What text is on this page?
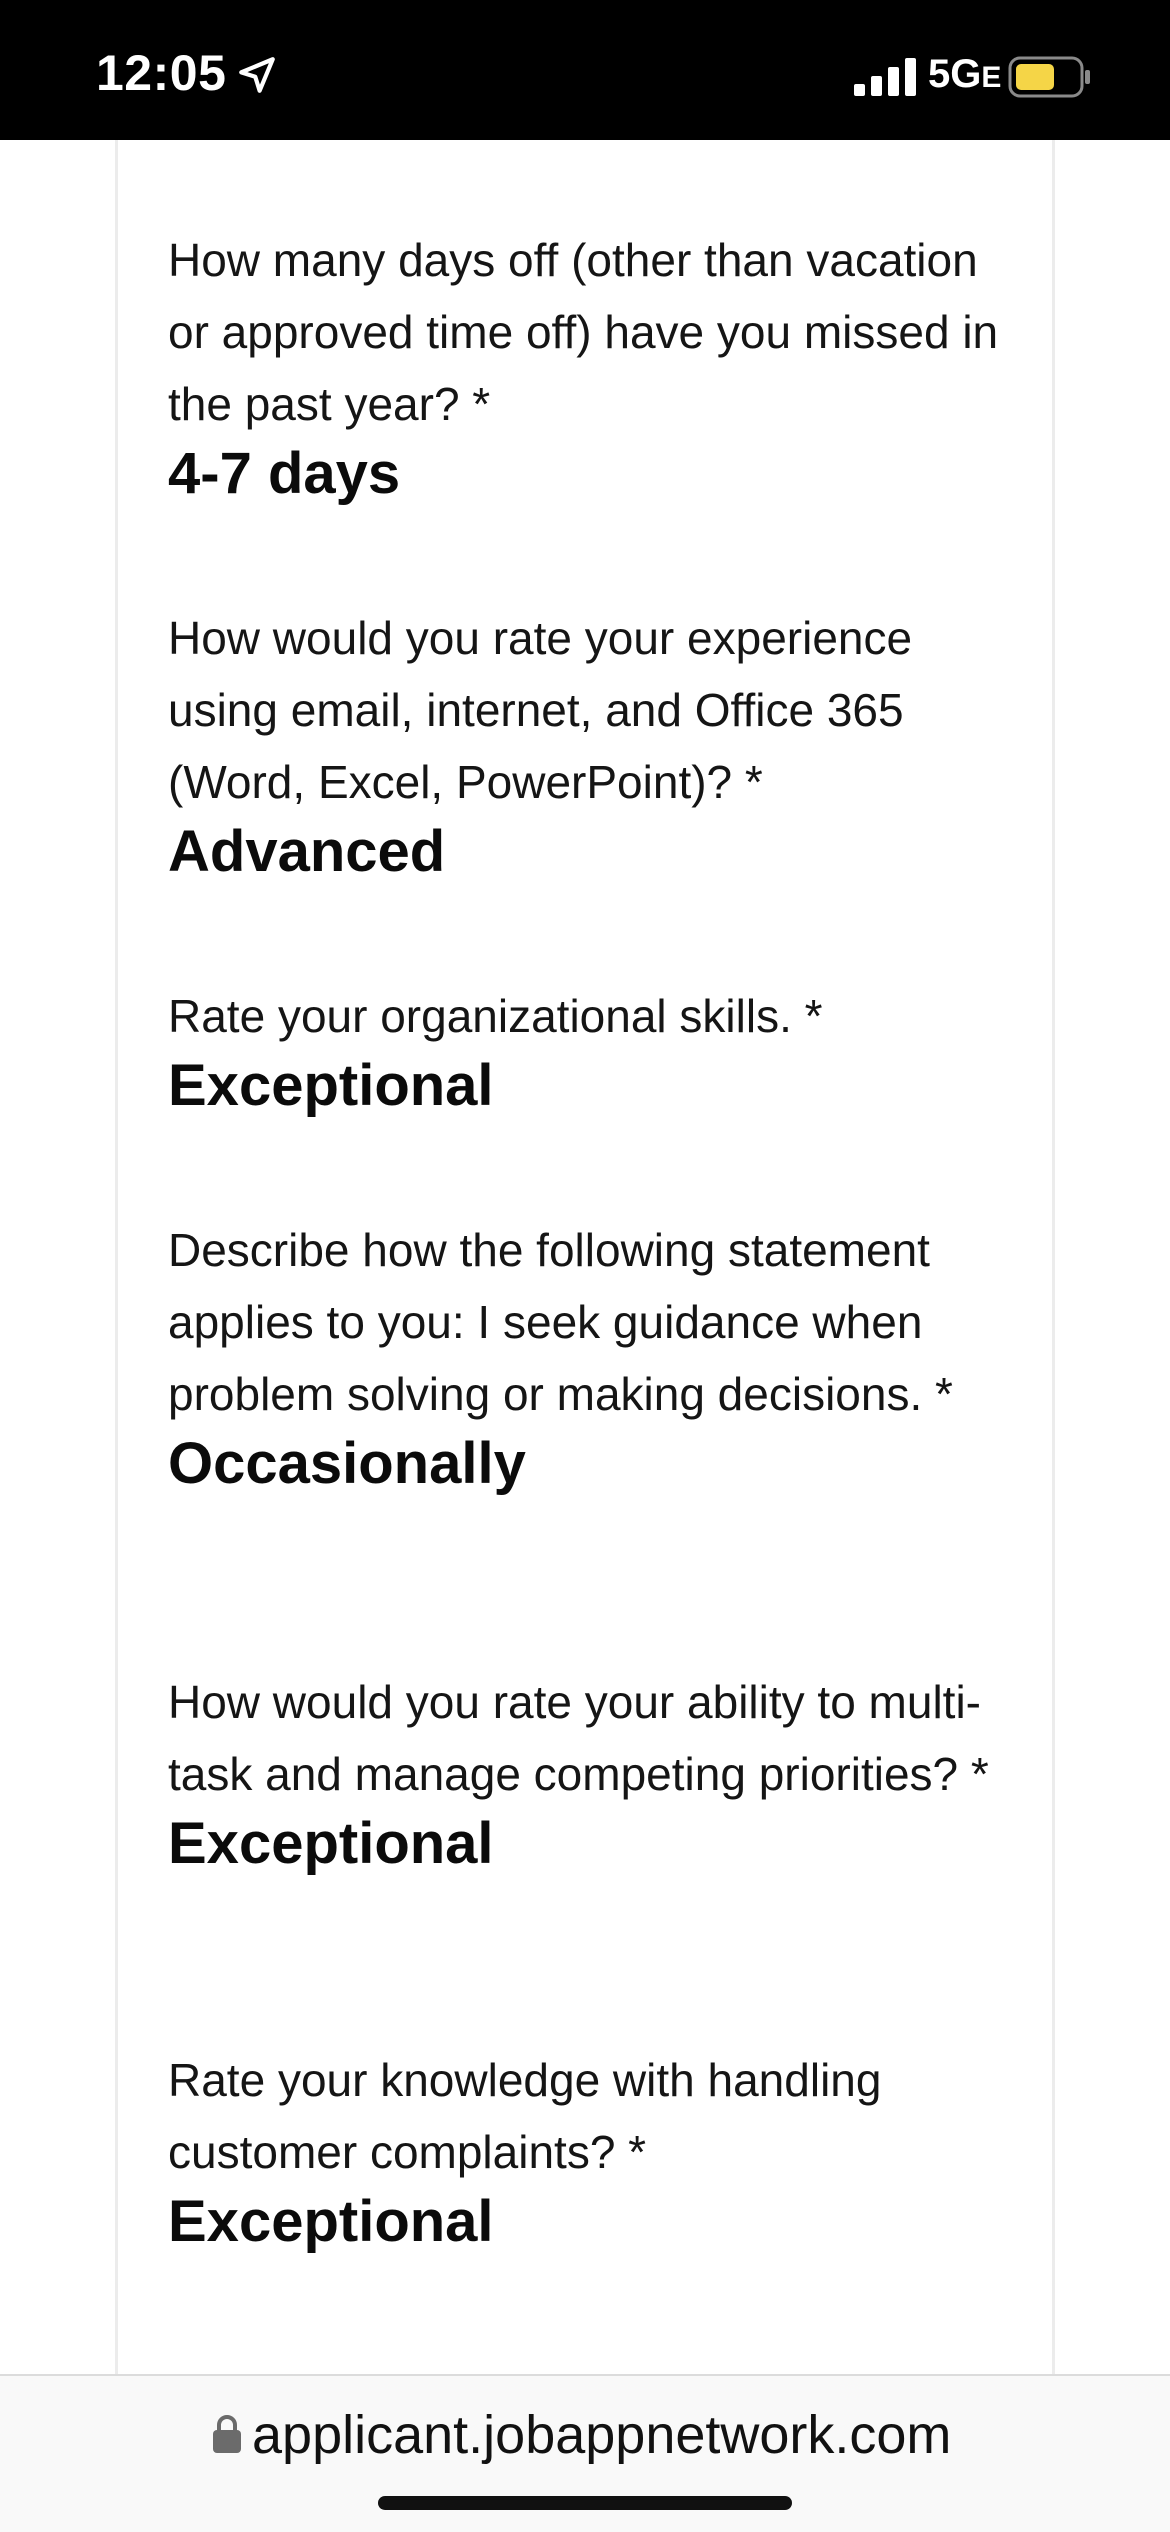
12:05	5GE
How many days off (other than vacation or approved time off) have you missed in the past year? *
4-7 days
How would you rate your experience using email, internet, and Office 365 (Word, Excel, PowerPoint)? *
Advanced
Rate your organizational skills. *
Exceptional
Describe how the following statement applies to you: I seek guidance when problem solving or making decisions. *
Occasionally
How would you rate your ability to multi-task and manage competing priorities? *
Exceptional
Rate your knowledge with handling customer complaints? *
Exceptional
applicant.jobappnetwork.com
